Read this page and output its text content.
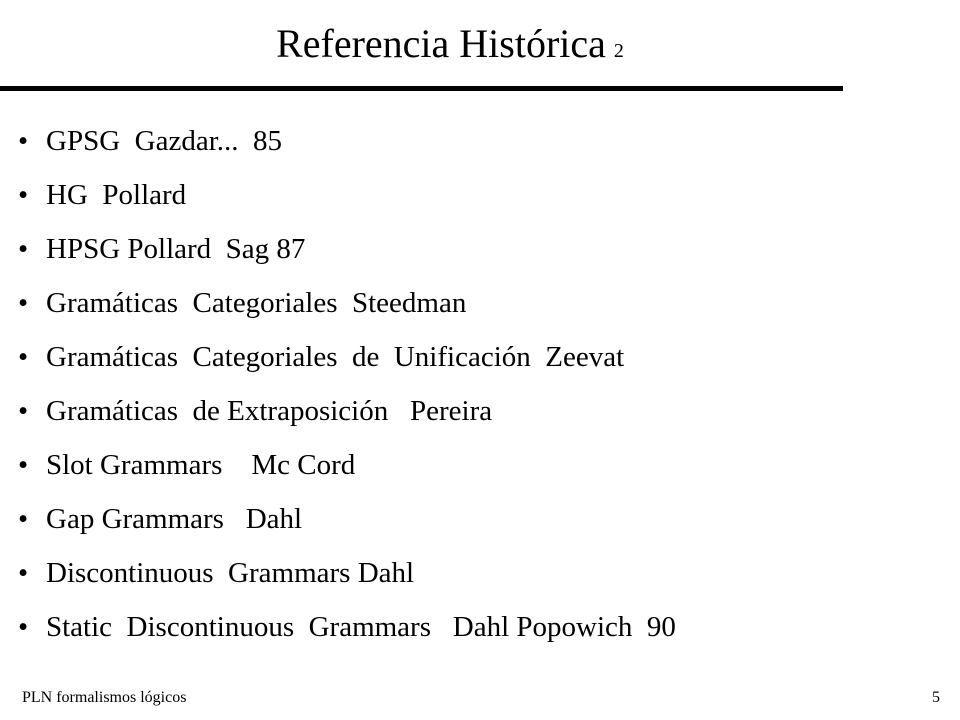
Referencia Histórica 2
• GPSG  Gazdar...  85
• HG  Pollard
• HPSG Pollard  Sag 87
• Gramáticas  Categoriales  Steedman
• Gramáticas  Categoriales  de  Unificación  Zeevat
• Gramáticas  de Extraposición   Pereira
• Slot Grammars    Mc Cord
• Gap Grammars   Dahl
• Discontinuous  Grammars Dahl
• Static  Discontinuous  Grammars   Dahl Popowich  90
PLN formalismos lógicos	5
